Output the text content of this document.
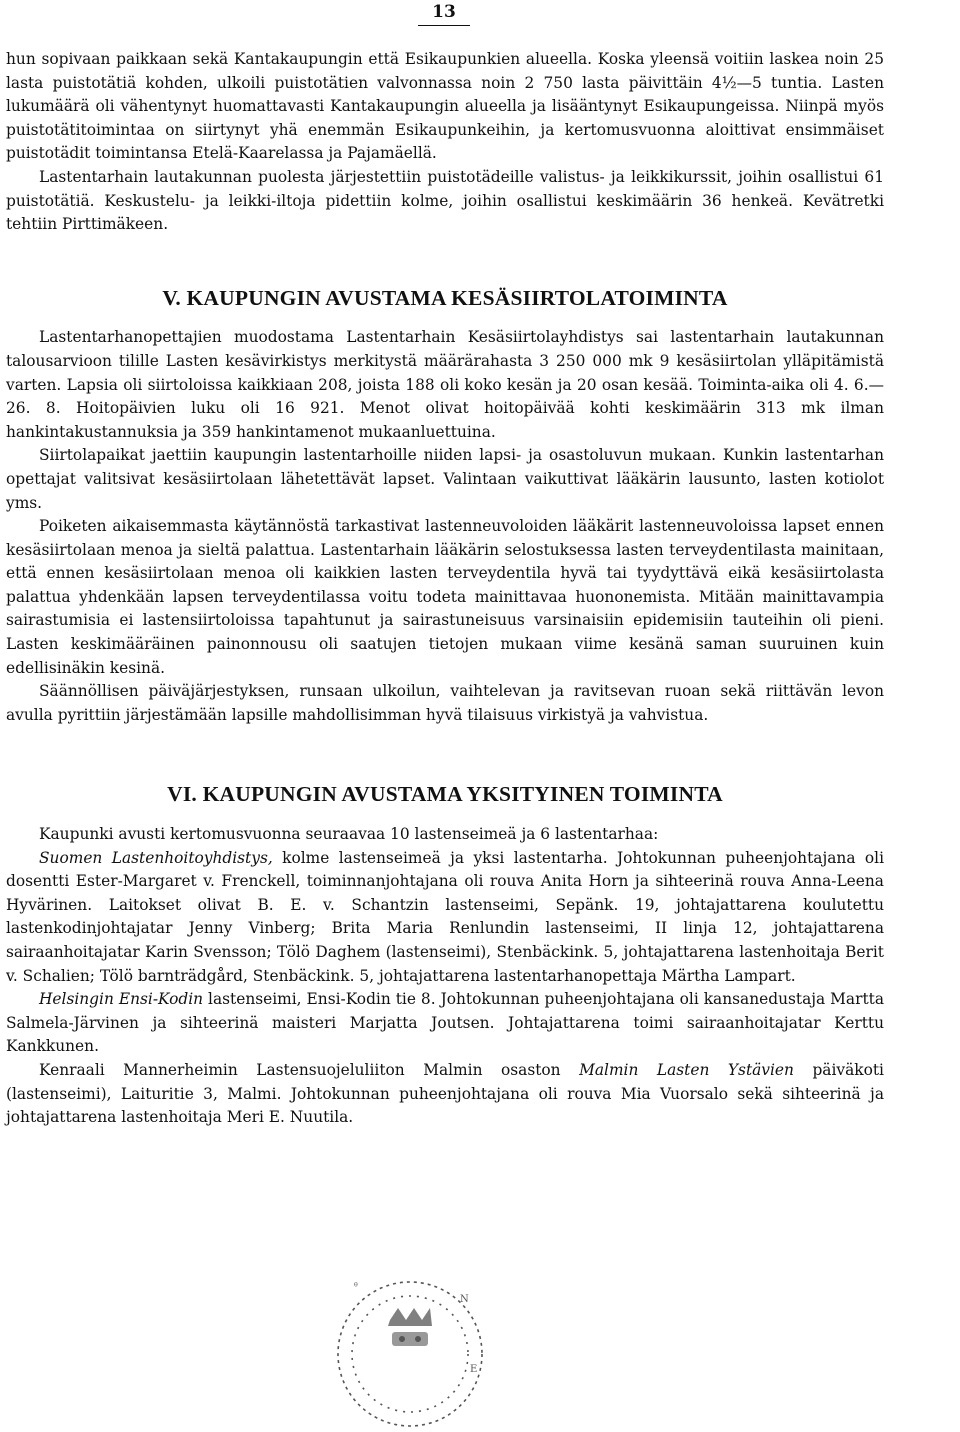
13

hun sopivaan paikkaan sekä Kantakaupungin että Esikaupunkien alueella. Koska yleensä voitiin laskea noin 25 lasta puistotätiä kohden, ulkoili puistotätien valvonnassa noin 2 750 lasta päivittäin 4½—5 tuntia. Lasten lukumäärä oli vähentynyt huomattavasti Kantakaupungin alueella ja lisääntynyt Esikaupungeissa. Niinpä myös puistotätitoimintaa on siirtynyt yhä enemmän Esikaupunkeihin, ja kertomusvuonna aloittivat ensimmäiset puistotädit toimintansa Etelä-Kaarelassa ja Pajamäellä.

Lastentarhain lautakunnan puolesta järjestettiin puistotädeille valistus- ja leikkikurssit, joihin osallistui 61 puistotätiä. Keskustelu- ja leikki-iltoja pidettiin kolme, joihin osallistui keskimäärin 36 henkeä. Kevätretki tehtiin Pirttimäkeen.

V. KAUPUNGIN AVUSTAMA KESÄSIIRTOLATOIMINTA

Lastentarhanopettajien muodostama Lastentarhain Kesäsiirtolayhdistys sai lastentarhain lautakunnan talousarvioon tilille Lasten kesävirkistys merkitystä määrärahasta 3 250 000 mk 9 kesäsiirtolan ylläpitämistä varten. Lapsia oli siirtoloissa kaikkiaan 208, joista 188 oli koko kesän ja 20 osan kesää. Toiminta-aika oli 4. 6.—26. 8. Hoitopäivien luku oli 16 921. Menot olivat hoitopäivää kohti keskimäärin 313 mk ilman hankintakustannuksia ja 359 hankintamenot mukaanluettuina.

Siirtolapaikat jaettiin kaupungin lastentarhoille niiden lapsi- ja osastoluvun mukaan. Kunkin lastentarhan opettajat valitsivat kesäsiirtolaan lähetettävät lapset. Valintaan vaikuttivat lääkärin lausunto, lasten kotiolot yms.

Poiketen aikaisemmasta käytännöstä tarkastivat lastenneuvoloiden lääkärit lastenneuvoloissa lapset ennen kesäsiirtolaan menoa ja sieltä palattua. Lastentarhain lääkärin selostuksessa lasten terveydentilasta mainitaan, että ennen kesäsiirtolaan menoa oli kaikkien lasten terveydentila hyvä tai tyydyttävä eikä kesäsiirtolasta palattua yhdenkään lapsen terveydentilassa voitu todeta mainittavaa huononemista. Mitään mainittavampia sairastumisia ei lastensiirtoloissa tapahtunut ja sairastuneisuus varsinaisiin epidemisiin tauteihin oli pieni. Lasten keskimääräinen painonnousu oli saatujen tietojen mukaan viime kesänä saman suuruinen kuin edellisinäkin kesinä.

Säännöllisen päiväjärjestyksen, runsaan ulkoilun, vaihtelevan ja ravitsevan ruoan sekä riittävän levon avulla pyrittiin järjestämään lapsille mahdollisimman hyvä tilaisuus virkistyä ja vahvistua.

VI. KAUPUNGIN AVUSTAMA YKSITYINEN TOIMINTA

Kaupunki avusti kertomusvuonna seuraavaa 10 lastenseimeä ja 6 lastentarhaa:

Suomen Lastenhoitoyhdistys, kolme lastenseimeä ja yksi lastentarha. Johtokunnan puheenjohtajana oli dosentti Ester-Margaret v. Frenckell, toiminnanjohtajana oli rouva Anita Horn ja sihteerinä rouva Anna-Leena Hyvärinen. Laitokset olivat B. E. v. Schantzin lastenseimi, Sepänk. 19, johtajattarena koulutettu lastenkodinjohtajatar Jenny Vinberg; Brita Maria Renlundin lastenseimi, II linja 12, johtajattarena sairaanhoitajatar Karin Svensson; Tölö Daghem (lastenseimi), Stenbäckink. 5, johtajattarena lastenhoitaja Berit v. Schalien; Tölö barnträdgård, Stenbäckink. 5, johtajattarena lastentarhanopettaja Märtha Lampart.

Helsingin Ensi-Kodin lastenseimi, Ensi-Kodin tie 8. Johtokunnan puheenjohtajana oli kansanedustaja Martta Salmela-Järvinen ja sihteerinä maisteri Marjatta Joutsen. Johtajattarena toimi sairaanhoitajatar Kerttu Kankkunen.

Kenraali Mannerheimin Lastensuojeluliiton Malmin osaston Malmin Lasten Ystävien päiväkoti (lastenseimi), Laituritie 3, Malmi. Johtokunnan puheenjohtajana oli rouva Mia Vuorsalo sekä sihteerinä ja johtajattarena lastenhoitaja Meri E. Nuutila.

ᶿ
N
E
